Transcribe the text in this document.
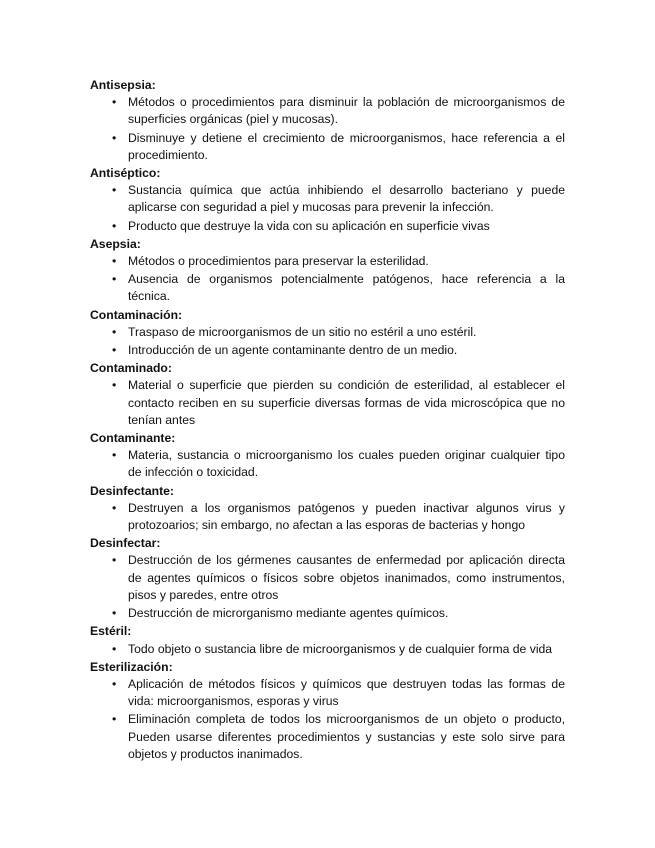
Antisepsia:

• Métodos o procedimientos para disminuir la población de microorganismos de superficies orgánicas (piel y mucosas).
• Disminuye y detiene el crecimiento de microorganismos, hace referencia a el procedimiento.

Antiséptico:

• Sustancia química que actúa inhibiendo el desarrollo bacteriano y puede aplicarse con seguridad a piel y mucosas para prevenir la infección.
• Producto que destruye la vida con su aplicación en superficie vivas

Asepsia:

• Métodos o procedimientos para preservar la esterilidad.
• Ausencia de organismos potencialmente patógenos, hace referencia a la técnica.

Contaminación:

• Traspaso de microorganismos de un sitio no estéril a uno estéril.
• Introducción de un agente contaminante dentro de un medio.

Contaminado:

• Material o superficie que pierden su condición de esterilidad, al establecer el contacto reciben en su superficie diversas formas de vida microscópica que no tenían antes

Contaminante:

• Materia, sustancia o microorganismo los cuales pueden originar cualquier tipo de infección o toxicidad.

Desinfectante:

• Destruyen a los organismos patógenos y pueden inactivar algunos virus y protozoarios; sin embargo, no afectan a las esporas de bacterias y hongo

Desinfectar:

• Destrucción de los gérmenes causantes de enfermedad por aplicación directa de agentes químicos o físicos sobre objetos inanimados, como instrumentos, pisos y paredes, entre otros
• Destrucción de microrganismo mediante agentes químicos.

Estéril:

• Todo objeto o sustancia libre de microorganismos y de cualquier forma de vida

Esterilización:

• Aplicación de métodos físicos y químicos que destruyen todas las formas de vida: microorganismos, esporas y virus
• Eliminación completa de todos los microorganismos de un objeto o producto, Pueden usarse diferentes procedimientos y sustancias y este solo sirve para objetos y productos inanimados.
